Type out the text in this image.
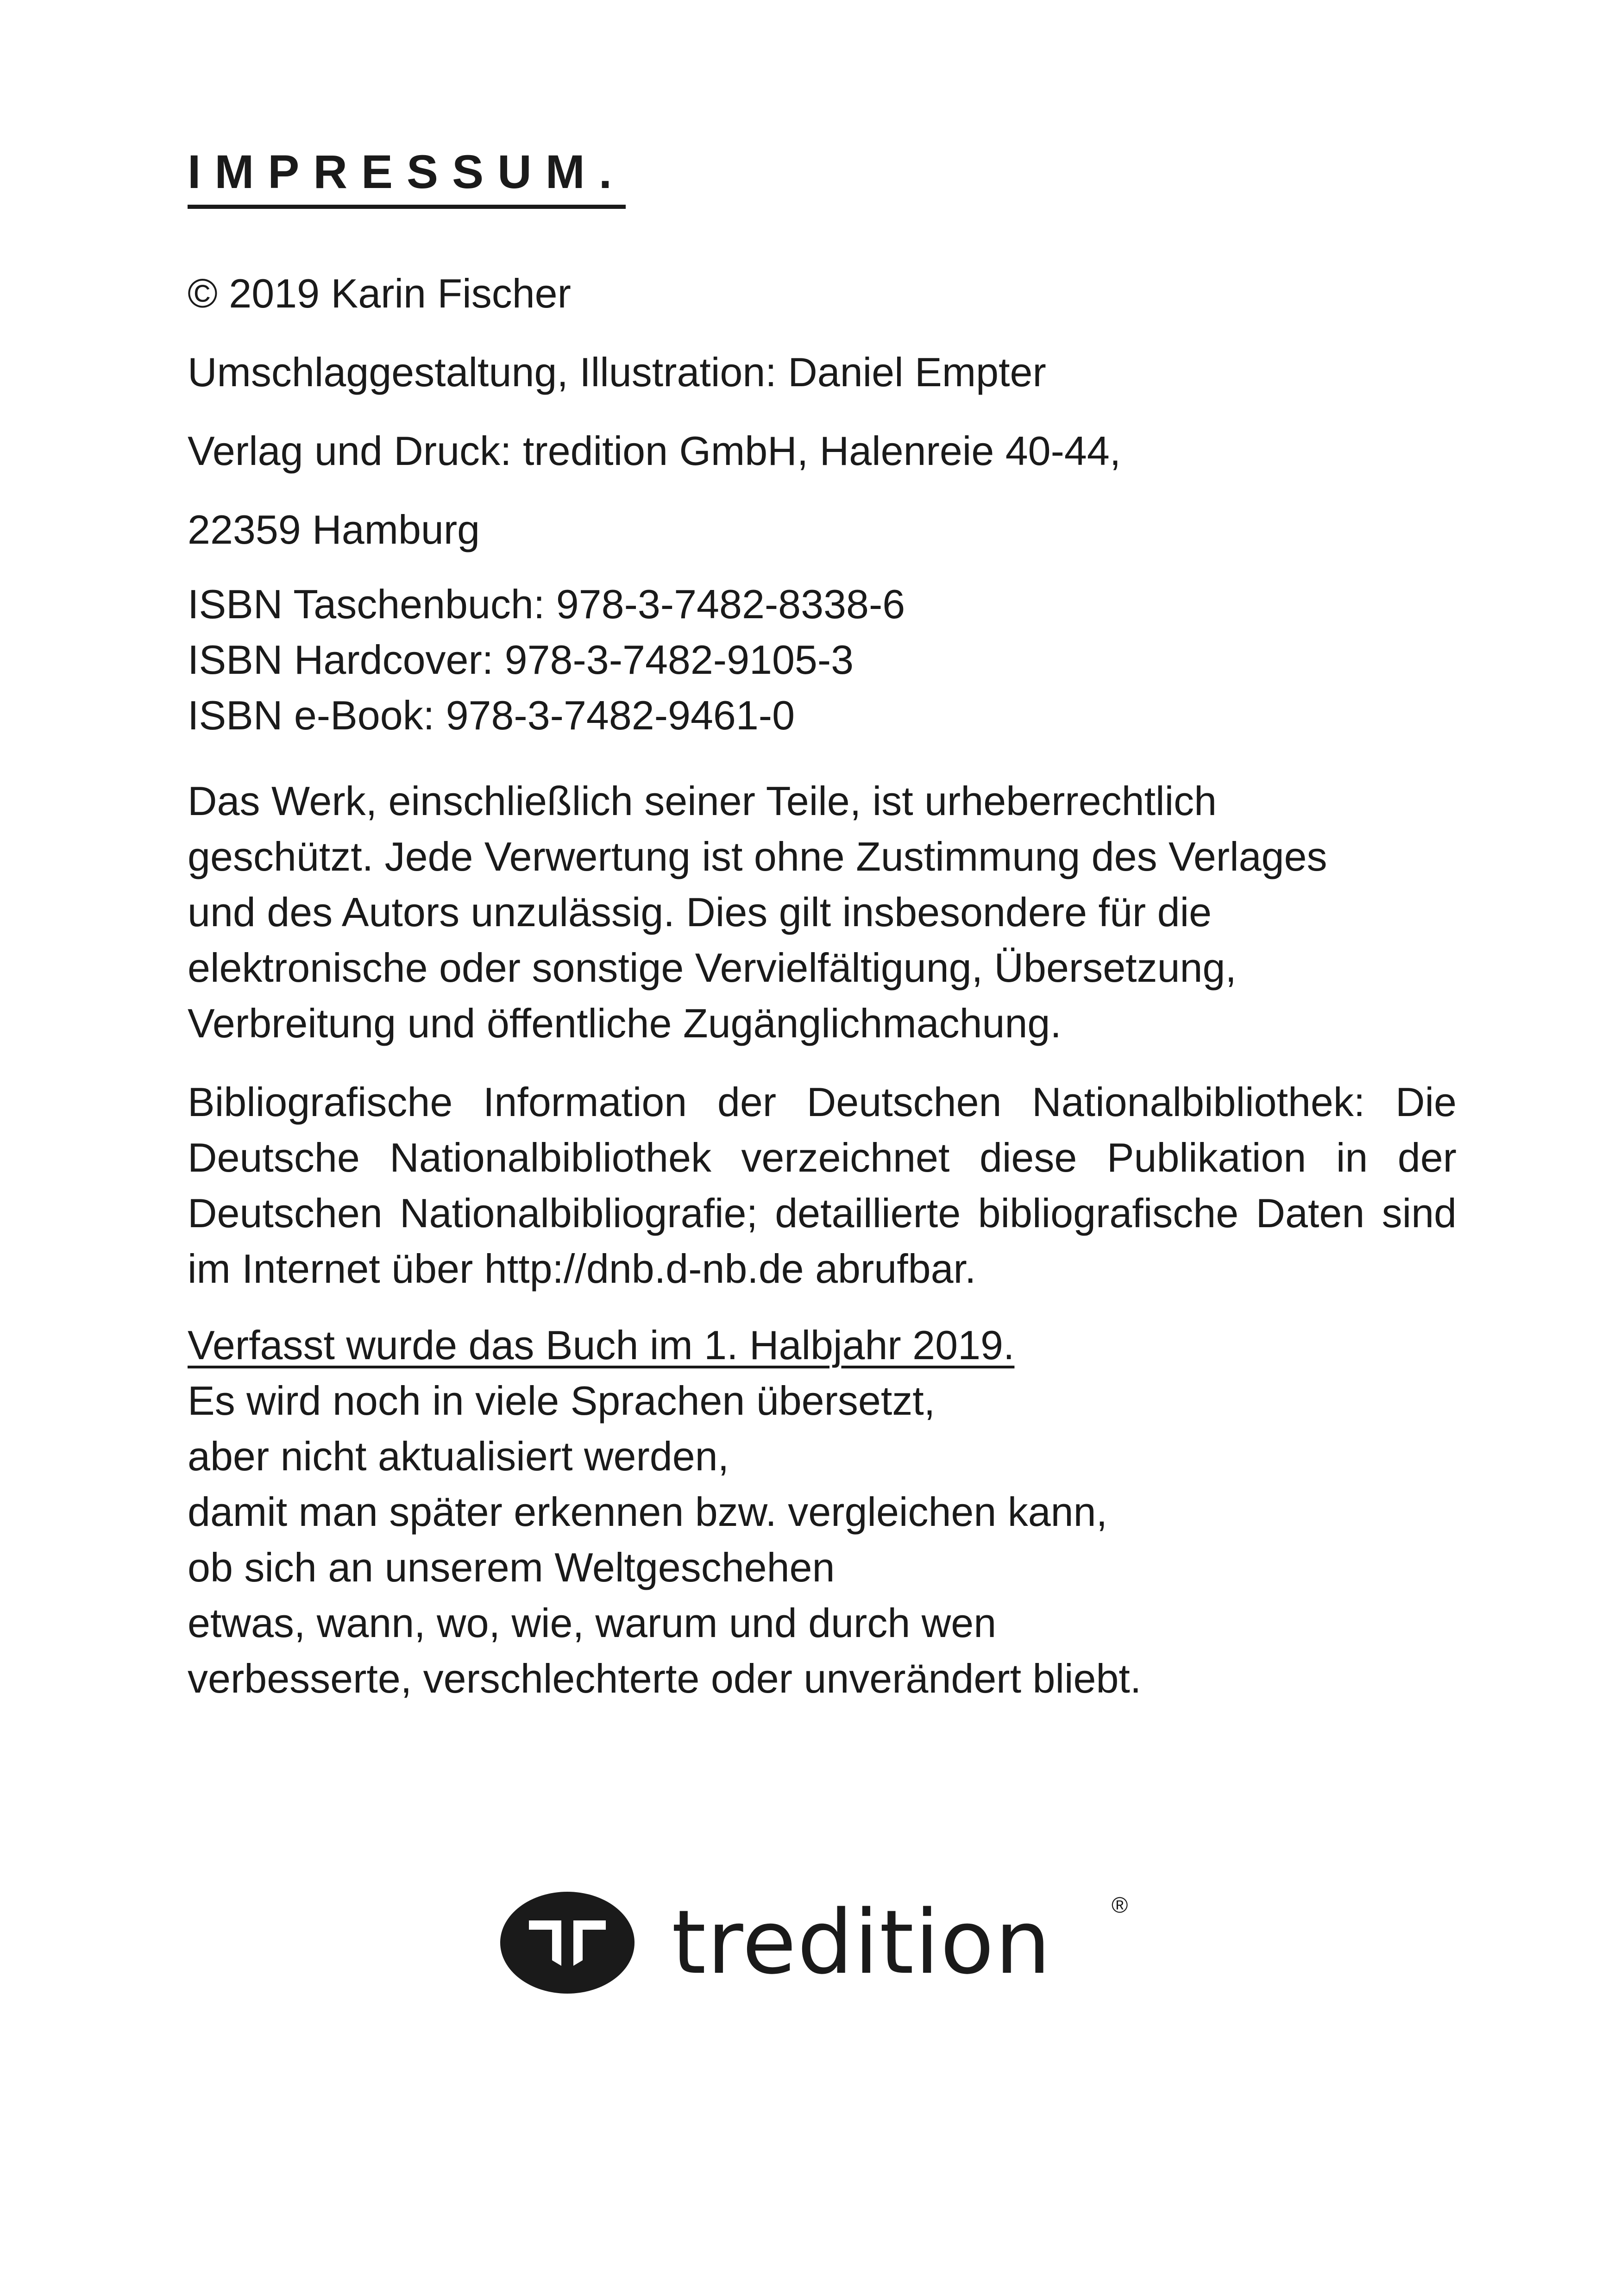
IMPRESSUM.

© 2019 Karin Fischer

Umschlaggestaltung, Illustration: Daniel Empter

Verlag und Druck: tredition GmbH, Halenreie 40-44,

22359 Hamburg

ISBN Taschenbuch: 978-3-7482-8338-6
ISBN Hardcover: 978-3-7482-9105-3
ISBN e-Book: 978-3-7482-9461-0
Das Werk, einschließlich seiner Teile, ist urheberrechtlich
geschützt. Jede Verwertung ist ohne Zustimmung des Verlages
und des Autors unzulässig. Dies gilt insbesondere für die
elektronische oder sonstige Vervielfältigung, Übersetzung,
Verbreitung und öffentliche Zugänglichmachung.

Bibliografische Information der Deutschen Nationalbibliothek: Die Deutsche Nationalbibliothek verzeichnet diese Publikation in der Deutschen Nationalbibliografie; detaillierte bibliografische Daten sind im Internet über http://dnb.d-nb.de abrufbar.

Verfasst wurde das Buch im 1. Halbjahr 2019.
Es wird noch in viele Sprachen übersetzt,
aber nicht aktualisiert werden,
damit man später erkennen bzw. vergleichen kann,
ob sich an unserem Weltgeschehen
etwas, wann, wo, wie, warum und durch wen
verbesserte, verschlechterte oder unverändert bliebt.
tredition	®
